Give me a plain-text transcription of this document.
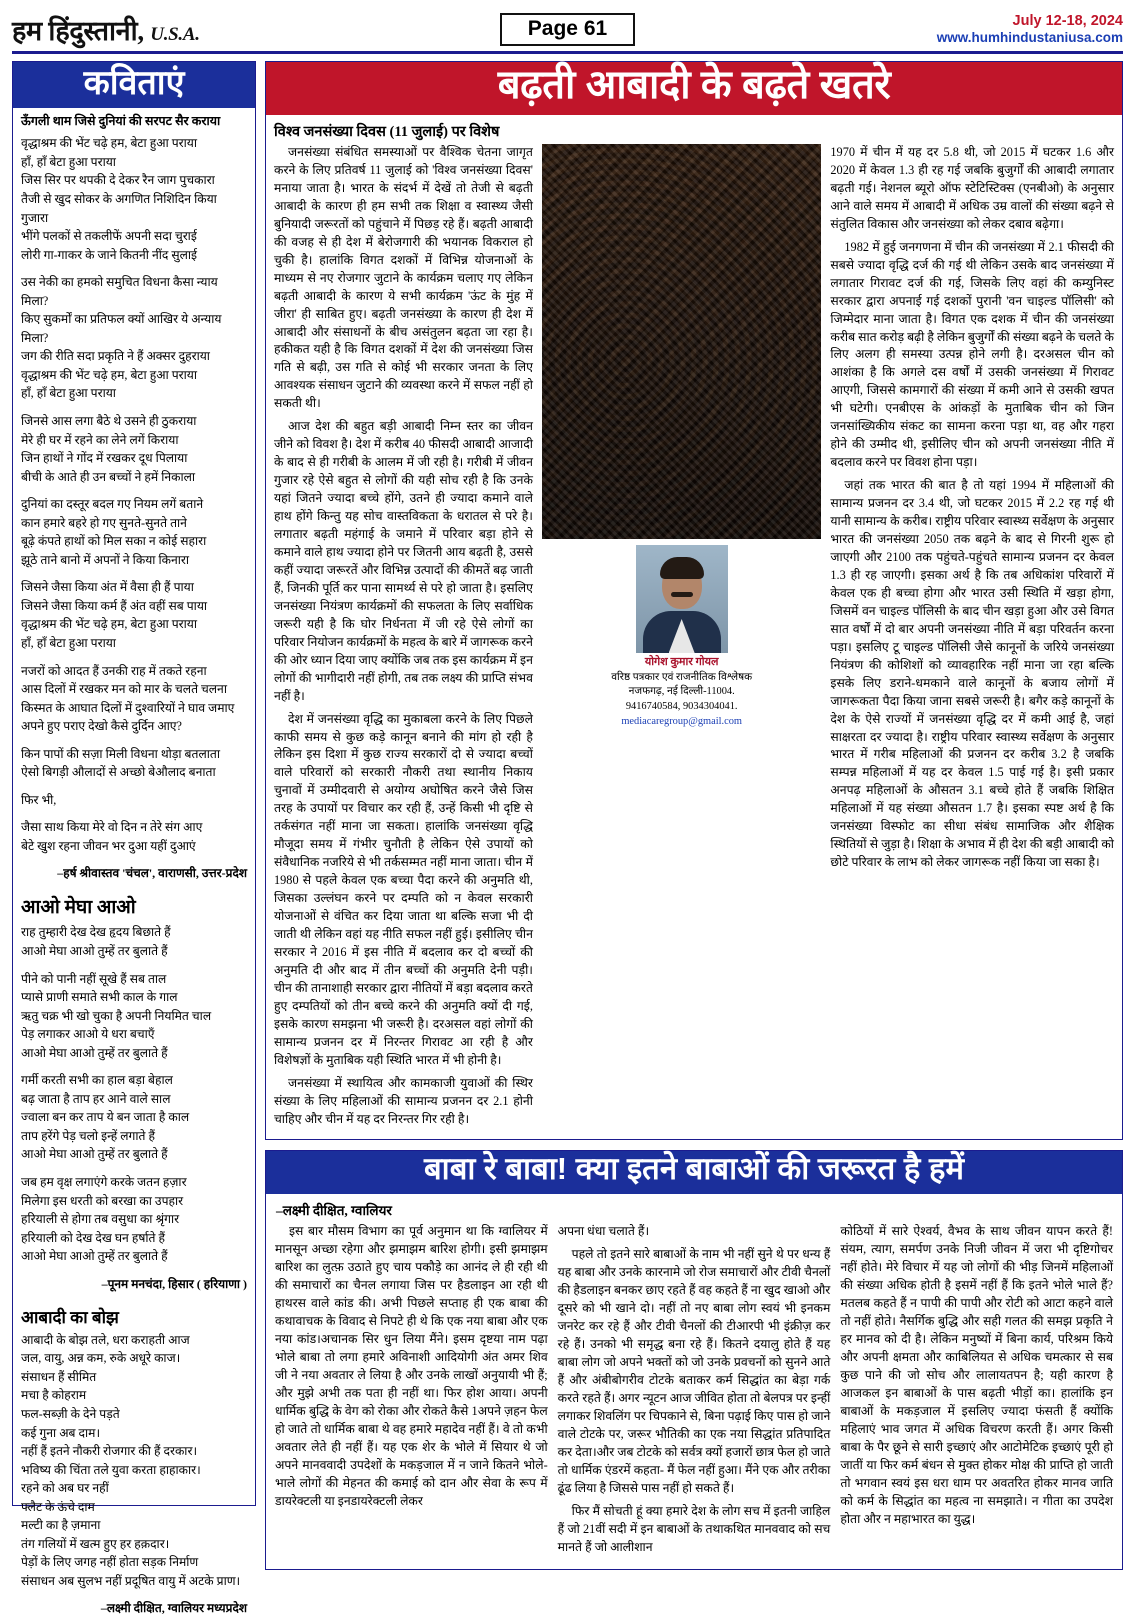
हम हिंदुस्तानी, U.S.A.	Page 61	July 12-18, 2024
www.humhindustaniusa.com
कविताएं
ऊँगली थाम जिसे दुनियां की सरपट सैर कराया
वृद्धाश्रम की भेंट चढ़े हम, बेटा हुआ पराया
हाँ, हाँ बेटा हुआ पराया
जिस सिर पर थपकी दे देकर रैन जाग पुचकारा
तैजी से खुद सोकर के अगणित निशिदिन किया गुजारा
भींगे पलकों से तकलीफें अपनी सदा चुराई
लोरी गा-गाकर के जाने कितनी नींद सुलाई
उस नेकी का हमको समुचित विधना कैसा न्याय मिला?
किए सुकर्मों का प्रतिफल क्यों आखिर ये अन्याय मिला?
जग की रीति सदा प्रकृति ने हैं अक्सर दुहराया
वृद्धाश्रम की भेंट चढ़े हम, बेटा हुआ पराया
हाँ, हाँ बेटा हुआ पराया
जिनसे आस लगा बैठे थे उसने ही ठुकराया
मेरे ही घर में रहने का लेने लगें किराया
जिन हाथों ने गोंद में रखकर दूध पिलाया
बीची के आते ही उन बच्चों ने हमें निकाला
दुनियां का दस्तूर बदल गए नियम लगें बताने
कान हमारे बहरे हो गए सुनते-सुनते ताने
बूढ़े कंपते हाथों को मिल सका न कोई सहारा
झूठे ताने बानो में अपनों ने किया किनारा
जिसने जैसा किया अंत में वैसा ही हैं पाया
जिसने जैसा किया कर्म हैं अंत वहीं सब पाया
वृद्धाश्रम की भेंट चढ़े हम, बेटा हुआ पराया
हाँ, हाँ बेटा हुआ पराया
नजरों को आदत हैं उनकी राह में तकते रहना
आस दिलों में रखकर मन को मार के चलते चलना
किस्मत के आघात दिलों में दुश्वारियों ने घाव जमाए
अपने हुए पराए देखो कैसे दुर्दिन आए?
किन पापों की सज़ा मिली विधना थोड़ा बतलाता
ऐसो बिगड़ी औलादों से अच्छो बेऔलाद बनाता
फिर भी,
जैसा साथ किया मेरे वो दिन न तेरे संग आए
बेटे खुश रहना जीवन भर दुआ यहीं दुआएं
–हर्ष श्रीवास्तव 'चंचल', वाराणसी, उत्तर-प्रदेश
आओ मेघा आओ
राह तुम्हारी देख देख हृदय बिछाते हैं
आओ मेघा आओ तुम्हें तर बुलाते हैं
पीने को पानी नहीं सूखे हैं सब ताल
प्यासे प्राणी समाते सभी काल के गाल
ऋतु चक्र भी खो चुका है अपनी नियमित चाल
पेड़ लगाकर आओ ये धरा बचाएँ
आओ मेघा आओ तुम्हें तर बुलाते हैं
गर्मी करती सभी का हाल बड़ा बेहाल
बढ़ जाता है ताप हर आने वाले साल
ज्वाला बन कर ताप ये बन जाता है काल
ताप हरेंगे पेड़ चलो इन्हें लगाते हैं
आओ मेघा आओ तुम्हें तर बुलाते हैं
जब हम वृक्ष लगाएंगे करके जतन हज़ार
मिलेगा इस धरती को बरखा का उपहार
हरियाली से होगा तब वसुधा का श्रृंगार
हरियाली को देख देख घन हर्षाते हैं
आओ मेघा आओ तुम्हें तर बुलाते हैं
–पूनम मनचंदा, हिसार ( हरियाणा )
आबादी का बोझ
आबादी के बोझ तले, धरा कराहती आज
जल, वायु, अन्न कम, रुके अधूरे काज।
संसाधन हैं सीमित
मचा है कोहराम
फल-सब्ज़ी के देने पड़ते
कई गुना अब दाम।
नहीं हैं इतने नौकरी रोजगार की हैं दरकार।
भविष्य की चिंता तले युवा करता हाहाकार।
रहने को अब घर नहीं
फ्लैट के ऊंचे दाम
मल्टी का है ज़माना
तंग गलियों में खत्म हुए हर हक़दार।
पेड़ों के लिए जगह नहीं होता सड़क निर्माण
संसाधन अब सुलभ नहीं प्रदूषित वायु में अटके प्राण।
–लक्ष्मी दीक्षित, ग्वालियर मध्यप्रदेश
बढ़ती आबादी के बढ़ते खतरे
विश्व जनसंख्या दिवस (11 जुलाई) पर विशेष

जनसंख्या संबंधित समस्याओं पर वैश्विक चेतना जागृत करने के लिए प्रतिवर्ष 11 जुलाई को 'विश्व जनसंख्या दिवस' मनाया जाता है। भारत के संदर्भ में देखें तो तेजी से बढ़ती आबादी के कारण ही हम सभी तक शिक्षा व स्वास्थ्य जैसी बुनियादी जरूरतों को पहुंचाने में पिछड़ रहे हैं। बढ़ती आबादी की वजह से ही देश में बेरोजगारी की भयानक विकराल हो चुकी है। हालांकि विगत दशकों में विभिन्न योजनाओं के माध्यम से नए रोजगार जुटाने के कार्यक्रम चलाए गए लेकिन बढ़ती आबादी के कारण ये सभी कार्यक्रम 'ऊंट के मुंह में जीरा' ही साबित हुए। बढ़ती जनसंख्या के कारण ही देश में आबादी और संसाधनों के बीच असंतुलन बढ़ता जा रहा है। हकीकत यही है कि विगत दशकों में देश की जनसंख्या जिस गति से बढ़ी, उस गति से कोई भी सरकार जनता के लिए आवश्यक संसाधन जुटाने की व्यवस्था करने में सफल नहीं हो सकती थी।

आज देश की बहुत बड़ी आबादी निम्न स्तर का जीवन जीने को विवश है। देश में करीब 40 फीसदी आबादी आजादी के बाद से ही गरीबी के आलम में जी रही है। गरीबी में जीवन गुजार रहे ऐसे बहुत से लोगों की यही सोच रही है कि उनके यहां जितने ज्यादा बच्चे होंगे, उतने ही ज्यादा कमाने वाले हाथ होंगे किन्तु यह सोच वास्तविकता के धरातल से परे है। लगातार बढ़ती महंगाई के जमाने में परिवार बड़ा होने से कमाने वाले हाथ ज्यादा होने पर जितनी आय बढ़ती है, उससे कहीं ज्यादा जरूरतें और विभिन्न उत्पादों की कीमतें बढ़ जाती हैं, जिनकी पूर्ति कर पाना सामर्थ्य से परे हो जाता है। इसलिए जनसंख्या नियंत्रण कार्यक्रमों की सफलता के लिए सर्वाधिक जरूरी यही है कि घोर निर्धनता में जी रहे ऐसे लोगों का परिवार नियोजन कार्यक्रमों के महत्व के बारे में जागरूक करने की ओर ध्यान दिया जाए क्योंकि जब तक इस कार्यक्रम में इन लोगों की भागीदारी नहीं होगी, तब तक लक्ष्य की प्राप्ति संभव नहीं है।

देश में जनसंख्या वृद्धि का मुकाबला करने के लिए पिछले काफी समय से कुछ कड़े कानून बनाने की मांग हो रही है लेकिन इस दिशा में कुछ राज्य सरकारों दो से ज्यादा बच्चों वाले परिवारों को सरकारी नौकरी तथा स्थानीय निकाय चुनावों में उम्मीदवारी से अयोग्य अघोषित करने जैसे जिस तरह के उपायों पर विचार कर रही हैं, उन्हें किसी भी दृष्टि से तर्कसंगत नहीं माना जा सकता। हालांकि जनसंख्या वृद्धि मौजूदा समय में गंभीर चुनौती है लेकिन ऐसे उपायों को संवैधानिक नजरिये से भी तर्कसम्मत नहीं माना जाता। चीन में 1980 से पहले केवल एक बच्चा पैदा करने की अनुमति थी, जिसका उल्लंघन करने पर दम्पति को न केवल सरकारी योजनाओं से वंचित कर दिया जाता था बल्कि सजा भी दी जाती थी लेकिन वहां यह नीति सफल नहीं हुई। इसीलिए चीन सरकार ने 2016 में इस नीति में बदलाव कर दो बच्चों की अनुमति दी और बाद में तीन बच्चों की अनुमति देनी पड़ी। चीन की तानाशाही सरकार द्वारा नीतियों में बड़ा बदलाव करते हुए दम्पतियों को तीन बच्चे करने की अनुमति क्यों दी गई, इसके कारण समझना भी जरूरी है। दरअसल वहां लोगों की सामान्य प्रजनन दर में निरन्तर गिरावट आ रही है और विशेषज्ञों के मुताबिक यही स्थिति भारत में भी होनी है।

जनसंख्या में स्थायित्व और कामकाजी युवाओं की स्थिर संख्या के लिए महिलाओं की सामान्य प्रजनन दर 2.1 होनी चाहिए और चीन में यह दर निरन्तर गिर रही है।

योगेश कुमार गोयल
वरिष्ठ पत्रकार एवं राजनीतिक विश्लेषक
नजफगढ़, नई दिल्ली-11004.
9416740584, 9034304041.
mediacaregroup@gmail.com

1970 में चीन में यह दर 5.8 थी, जो 2015 में घटकर 1.6 और 2020 में केवल 1.3 ही रह गई जबकि बुजुर्गों की आबादी लगातार बढ़ती गई। नेशनल ब्यूरो ऑफ स्टेटिस्टिक्स (एनबीओ) के अनुसार आने वाले समय में आबादी में अधिक उम्र वालों की संख्या बढ़ने से संतुलित विकास और जनसंख्या को लेकर दबाव बढ़ेगा।

1982 में हुई जनगणना में चीन की जनसंख्या में 2.1 फीसदी की सबसे ज्यादा वृद्धि दर्ज की गई थी लेकिन उसके बाद जनसंख्या में लगातार गिरावट दर्ज की गई, जिसके लिए वहां की कम्युनिस्ट सरकार द्वारा अपनाई गई दशकों पुरानी 'वन चाइल्ड पॉलिसी' को जिम्मेदार माना जाता है। विगत एक दशक में चीन की जनसंख्या करीब सात करोड़ बढ़ी है लेकिन बुजुर्गों की संख्या बढ़ने के चलते के लिए अलग ही समस्या उत्पन्न होने लगी है। दरअसल चीन को आशंका है कि अगले दस वर्षों में उसकी जनसंख्या में गिरावट आएगी, जिससे कामगारों की संख्या में कमी आने से उसकी खपत भी घटेगी। एनबीएस के आंकड़ों के मुताबिक चीन को जिन जनसांख्यिकीय संकट का सामना करना पड़ा था, वह और गहरा होने की उम्मीद थी, इसीलिए चीन को अपनी जनसंख्या नीति में बदलाव करने पर विवश होना पड़ा।

जहां तक भारत की बात है तो यहां 1994 में महिलाओं की सामान्य प्रजनन दर 3.4 थी, जो घटकर 2015 में 2.2 रह गई थी यानी सामान्य के करीब। राष्ट्रीय परिवार स्वास्थ्य सर्वेक्षण के अनुसार भारत की जनसंख्या 2050 तक बढ़ने के बाद से गिरनी शुरू हो जाएगी और 2100 तक पहुंचते-पहुंचते सामान्य प्रजनन दर केवल 1.3 ही रह जाएगी। इसका अर्थ है कि तब अधिकांश परिवारों में केवल एक ही बच्चा होगा और भारत उसी स्थिति में खड़ा होगा, जिसमें वन चाइल्ड पॉलिसी के बाद चीन खड़ा हुआ और उसे विगत सात वर्षों में दो बार अपनी जनसंख्या नीति में बड़ा परिवर्तन करना पड़ा। इसलिए टू चाइल्ड पॉलिसी जैसे कानूनों के जरिये जनसंख्या नियंत्रण की कोशिशों को व्यावहारिक नहीं माना जा रहा बल्कि इसके लिए डराने-धमकाने वाले कानूनों के बजाय लोगों में जागरूकता पैदा किया जाना सबसे जरूरी है। बगैर कड़े कानूनों के देश के ऐसे राज्यों में जनसंख्या वृद्धि दर में कमी आई है, जहां साक्षरता दर ज्यादा है। राष्ट्रीय परिवार स्वास्थ्य सर्वेक्षण के अनुसार भारत में गरीब महिलाओं की प्रजनन दर करीब 3.2 है जबकि सम्पन्न महिलाओं में यह दर केवल 1.5 पाई गई है। इसी प्रकार अनपढ़ महिलाओं के औसतन 3.1 बच्चे होते हैं जबकि शिक्षित महिलाओं में यह संख्या औसतन 1.7 है। इसका स्पष्ट अर्थ है कि जनसंख्या विस्फोट का सीधा संबंध सामाजिक और शैक्षिक स्थितियों से जुड़ा है। शिक्षा के अभाव में ही देश की बड़ी आबादी को छोटे परिवार के लाभ को लेकर जागरूक नहीं किया जा सका है।

बाबा रे बाबा! क्या इतने बाबाओं की जरूरत है हमें
–लक्ष्मी दीक्षित, ग्वालियर

इस बार मौसम विभाग का पूर्व अनुमान था कि ग्वालियर में मानसून अच्छा रहेगा और झमाझम बारिश होगी। इसी झमाझम बारिश का लुत्फ़ उठाते हुए चाय पकौड़े का आनंद ले ही रही थी की समाचारों का चैनल लगाया जिस पर हैडलाइन आ रही थी हाथरस वाले कांड की। अभी पिछले सप्ताह ही एक बाबा की कथावाचक के विवाद से निपटे ही थे कि एक नया बाबा और एक नया कांड।अचानक सिर धुन लिया मैंने। इसम दृष्टया नाम पढ़ा भोले बाबा तो लगा हमारे अविनाशी आदियोगी अंत अमर शिव जी ने नया अवतार ले लिया है और उनके लाखों अनुयायी भी हैं; और मुझे अभी तक पता ही नहीं था। फिर होश आया। अपनी धार्मिक बुद्धि के वेग को रोका और रोकते कैसे 1अपने ज़हन फेल हो जाते तो धार्मिक बाबा थे वह हमारे महादेव नहीं हैं। वे तो कभी अवतार लेते ही नहीं हैं। यह एक शेर के भोले में सियार थे जो अपने मानववादी उपदेशों के मकड़जाल में न जाने कितने भोले-भाले लोगों की मेहनत की कमाई को दान और सेवा के रूप में डायरेक्टली या इनडायरेक्टली लेकर

अपना धंधा चलाते हैं।

पहले तो इतने सारे बाबाओं के नाम भी नहीं सुने थे पर धन्य हैं यह बाबा और उनके कारनामे जो रोज समाचारों और टीवी चैनलों की हैडलाइन बनकर छाए रहते हैं वह कहते हैं ना खुद खाओ और दूसरे को भी खाने दो। नहीं तो नए बाबा लोग स्वयं भी इनकम जनरेट कर रहे हैं और टीवी चैनलों की टीआरपी भी इंक्रीज़ कर रहे हैं। उनको भी समृद्ध बना रहे हैं। कितने दयालु होते हैं यह बाबा लोग जो अपने भक्तों को जो उनके प्रवचनों को सुनने आते हैं और अंबीबोगरीव टोटके बताकर कर्म सिद्धांत का बेड़ा गर्क करते रहते हैं। अगर न्यूटन आज जीवित होता तो बेलपत्र पर इन्हीं लगाकर शिवलिंग पर चिपकाने से, बिना पढ़ाई किए पास हो जाने वाले टोटके पर, जरूर भौतिकी का एक नया सिद्धांत प्रतिपादित कर देता।और जब टोटके को सर्वत्र क्यों हजारों छात्र फेल हो जाते तो धार्मिक एंडरमें कहता- मैं फेल नहीं हुआ। मैंने एक और तरीका ढूंढ लिया है जिससे पास नहीं हो सकते हैं।

फिर मैं सोचती हूं क्या हमारे देश के लोग सच में इतनी जाहिल हैं जो 21वीं सदी में इन बाबाओं के तथाकथित मानववाद को सच मानते हैं जो आलीशान

कोठियों में सारे ऐश्वर्य, वैभव के साथ जीवन यापन करते हैं! संयम, त्याग, समर्पण उनके निजी जीवन में जरा भी दृष्टिगोचर नहीं होते। मेरे विचार में यह जो लोगों की भीड़ जिनमें महिलाओं की संख्या अधिक होती है इसमें नहीं हैं कि इतने भोले भाले हैं? मतलब कहते हैं न पापी की पापी और रोटी को आटा कहने वाले तो नहीं होते। नैसर्गिक बुद्धि और सही गलत की समझ प्रकृति ने हर मानव को दी है। लेकिन मनुष्यों में बिना कार्य, परिश्रम किये और अपनी क्षमता और काबिलियत से अधिक चमत्कार से सब कुछ पाने की जो सोच और लालायतपन है; यही कारण है आजकल इन बाबाओं के पास बढ़ती भीड़ों का। हालांकि इन बाबाओं के मकड़जाल में इसलिए ज्यादा फंसती हैं क्योंकि महिलाएं भाव जगत में अधिक विचरण करती हैं। अगर किसी बाबा के पैर छूने से सारी इच्छाएं और आटोमेटिक इच्छाएं पूरी हो जातीं या फिर कर्म बंधन से मुक्त होकर मोक्ष की प्राप्ति हो जाती तो भगवान स्वयं इस धरा धाम पर अवतरित होकर मानव जाति को कर्म के सिद्धांत का महत्व ना समझाते। न गीता का उपदेश होता और न महाभारत का युद्ध।
